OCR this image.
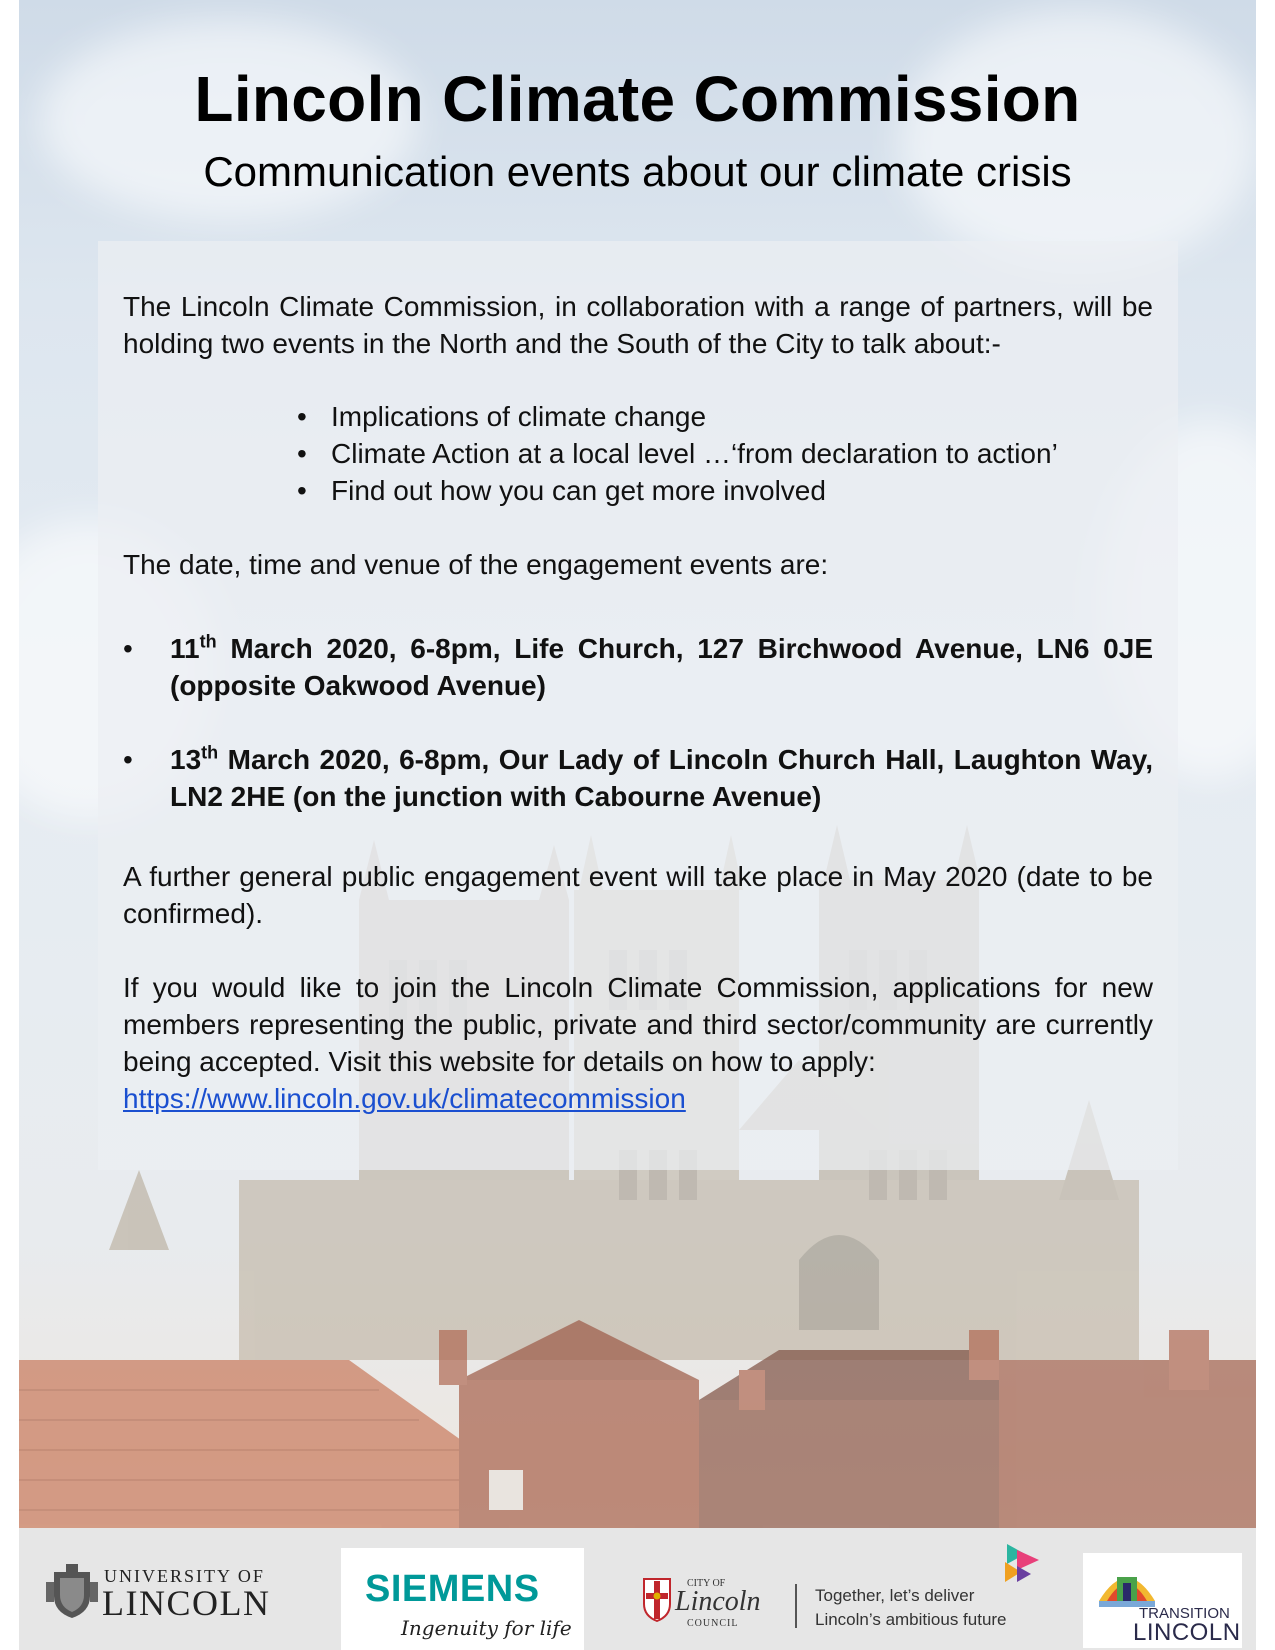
Lincoln Climate Commission
Communication events about our climate crisis
The Lincoln Climate Commission, in collaboration with a range of partners, will be holding two events in the North and the South of the City to talk about:-
• Implications of climate change
• Climate Action at a local level …‘from declaration to action’
• Find out how you can get more involved
The date, time and venue of the engagement events are:
• 11th March 2020, 6-8pm, Life Church, 127 Birchwood Avenue, LN6 0JE (opposite Oakwood Avenue)
• 13th March 2020, 6-8pm, Our Lady of Lincoln Church Hall, Laughton Way, LN2 2HE (on the junction with Cabourne Avenue)
A further general public engagement event will take place in May 2020 (date to be confirmed).
If you would like to join the Lincoln Climate Commission, applications for new members representing the public, private and third sector/community are currently being accepted. Visit this website for details on how to apply:
https://www.lincoln.gov.uk/climatecommission
UNIVERSITY OF
LINCOLN SIEMENS
Ingenuity for life
CITY OF
Lincoln
COUNCIL
Together, let’s deliver
Lincoln’s ambitious future	TRANSITION
LINCOLN
